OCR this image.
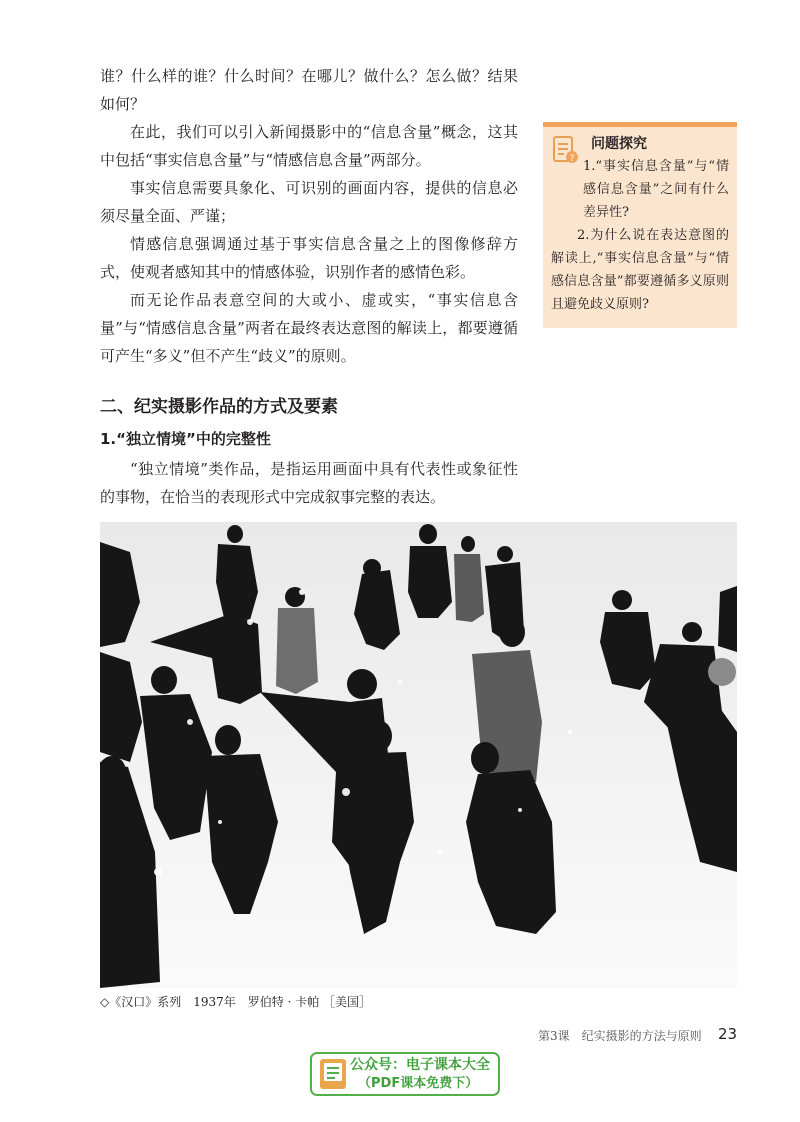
谁？什么样的谁？什么时间？在哪儿？做什么？怎么做？结果如何？

在此，我们可以引入新闻摄影中的“信息含量”概念，这其中包括“事实信息含量”与“情感信息含量”两部分。

事实信息需要具象化、可识别的画面内容，提供的信息必须尽量全面、严谨；

情感信息强调通过基于事实信息含量之上的图像修辞方式，使观者感知其中的情感体验，识别作者的感情色彩。

而无论作品表意空间的大或小、虚或实，“事实信息含量”与“情感信息含量”两者在最终表达意图的解读上，都要遵循可产生“多义”但不产生“歧义”的原则。

?
问题探究

1.“事实信息含量”与“情感信息含量”之间有什么差异性?

2.为什么说在表达意图的解读上,“事实信息含量”与“情感信息含量”都要遵循多义原则且避免歧义原则?

二、纪实摄影作品的方式及要素
1.“独立情境”中的完整性

“独立情境”类作品，是指运用画面中具有代表性或象征性的事物，在恰当的表现形式中完成叙事完整的表达。

◇《汉口》系列　1937年　罗伯特 · 卡帕 ［美国］

第3课　纪实摄影的方法与原则 23

公众号：电子课本大全

（PDF课本免费下）
